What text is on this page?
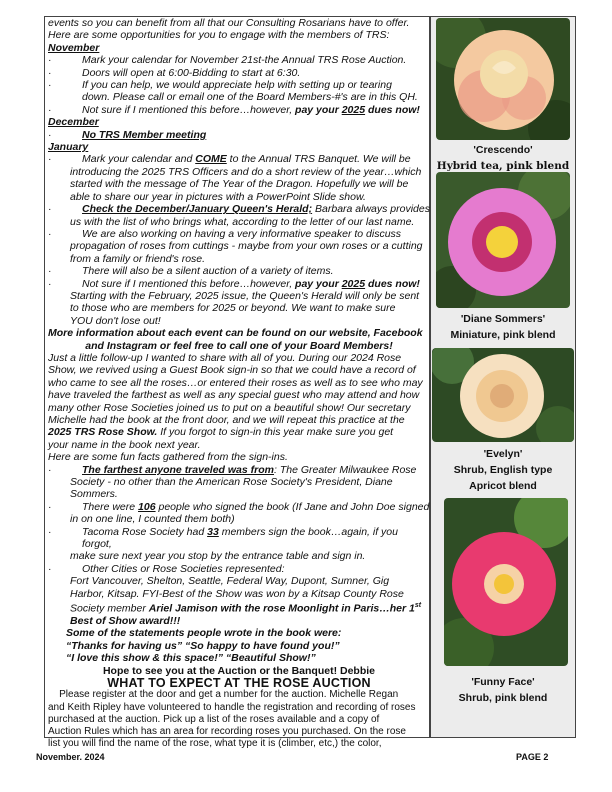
events so you can benefit from all that our Consulting Rosarians have to offer.

Here are some opportunities for you to engage with the members of TRS:

November

·	Mark your calendar for November 21st-the Annual TRS Rose Auction.
·	Doors will open at 6:00-Bidding to start at 6:30.
·	If you can help, we would appreciate help with setting up or tearing
down. Please call or email one of the Board Members-#'s are in this QH.
·	Not sure if I mentioned this before…however, pay your 2025 dues now!

December

·	No TRS Member meeting

January

·	Mark your calendar and COME to the Annual TRS Banquet. We will be

introducing the 2025 TRS Officers and do a short review of the year…which

started with the message of The Year of the Dragon. Hopefully we will be

able to share our year in pictures with a PowerPoint Slide show.

·	Check the December/January Queen's Herald; Barbara always provides

us with the list of who brings what, according to the letter of our last name.

·	We are also working on having a very informative speaker to discuss

propagation of roses from cuttings - maybe from your own roses or a cutting

from a family or friend's rose.

·	There will also be a silent auction of a variety of items.
·	Not sure if I mentioned this before…however, pay your 2025 dues now!

Starting with the February, 2025 issue, the Queen's Herald will only be sent

to those who are members for 2025 or beyond. We want to make sure

YOU don't lose out!

More information about each event can be found on our website, Facebook

and Instagram or feel free to call one of your Board Members!

Just a little follow-up I wanted to share with all of you. During our 2024 Rose

Show, we revived using a Guest Book sign-in so that we could have a record of

who came to see all the roses…or entered their roses as well as to see who may

have traveled the farthest as well as any special guest who may attend and how

many other Rose Societies joined us to put on a beautiful show! Our secretary

Michelle had the book at the front door, and we will repeat this practice at the

2025 TRS Rose Show. If you forgot to sign-in this year make sure you get

your name in the book next year.

Here are some fun facts gathered from the sign-ins.

·	The farthest anyone traveled was from: The Greater Milwaukee Rose

Society - no other than the American Rose Society's President, Diane

Sommers.

·	There were 106 people who signed the book (If Jane and John Doe signed

in on one line, I counted them both)

·	Tacoma Rose Society had 33 members sign the book…again, if you forgot,

make sure next year you stop by the entrance table and sign in.

·	Other Cities or Rose Societies represented:

Fort Vancouver, Shelton, Seattle, Federal Way, Dupont, Sumner, Gig

Harbor, Kitsap. FYI-Best of the Show was won by a Kitsap County Rose

Society member Ariel Jamison with the rose Moonlight in Paris…her 1st

Best of Show award!!!

Some of the statements people wrote in the book were:

“Thanks for having us” “So happy to have found you!”

“I love this show & this space!” “Beautiful Show!”

Hope to see you at the Auction or the Banquet! Debbie

WHAT TO EXPECT AT THE ROSE AUCTION

Please register at the door and get a number for the auction. Michelle Regan

and Keith Ripley have volunteered to handle the registration and recording of roses

purchased at the auction. Pick up a list of the roses available and a copy of

Auction Rules which has an area for recording roses you purchased. On the rose

list you will find the name of the rose, what type it is (climber, etc,) the color,

'Crescendo'
Hybrid tea, pink blend
'Diane Sommers'
Miniature, pink blend
'Evelyn'
Shrub, English type
Apricot blend
'Funny Face'
Shrub, pink blend
November. 2024	PAGE 2
